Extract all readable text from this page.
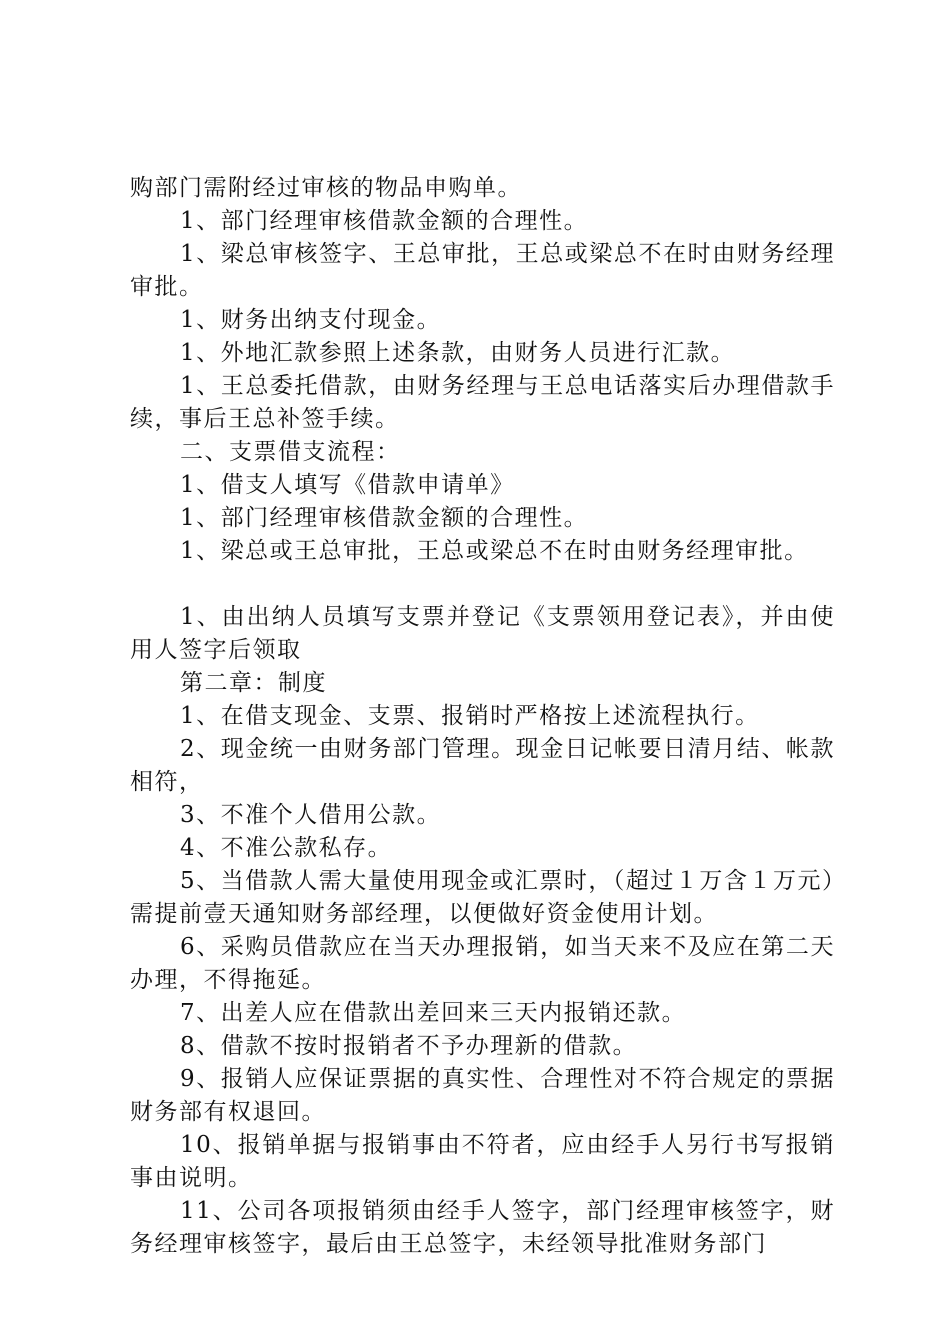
购部门需附经过审核的物品申购单。

1、部门经理审核借款金额的合理性。

1、梁总审核签字、王总审批，王总或梁总不在时由财务经理审批。

1、财务出纳支付现金。

1、外地汇款参照上述条款，由财务人员进行汇款。

1、王总委托借款，由财务经理与王总电话落实后办理借款手续，事后王总补签手续。

二、支票借支流程：

1、借支人填写《借款申请单》

1、部门经理审核借款金额的合理性。

1、梁总或王总审批，王总或梁总不在时由财务经理审批。

1、由出纳人员填写支票并登记《支票领用登记表》，并由使用人签字后领取

第二章：制度

1、在借支现金、支票、报销时严格按上述流程执行。

2、现金统一由财务部门管理。现金日记帐要日清月结、帐款相符，

3、不准个人借用公款。

4、不准公款私存。

5、当借款人需大量使用现金或汇票时，（超过１万含１万元）需提前壹天通知财务部经理，以便做好资金使用计划。

6、采购员借款应在当天办理报销，如当天来不及应在第二天办理，不得拖延。

7、出差人应在借款出差回来三天内报销还款。

8、借款不按时报销者不予办理新的借款。

9、报销人应保证票据的真实性、合理性对不符合规定的票据财务部有权退回。

10、报销单据与报销事由不符者，应由经手人另行书写报销事由说明。

11、公司各项报销须由经手人签字，部门经理审核签字，财务经理审核签字，最后由王总签字，未经领导批准财务部门
